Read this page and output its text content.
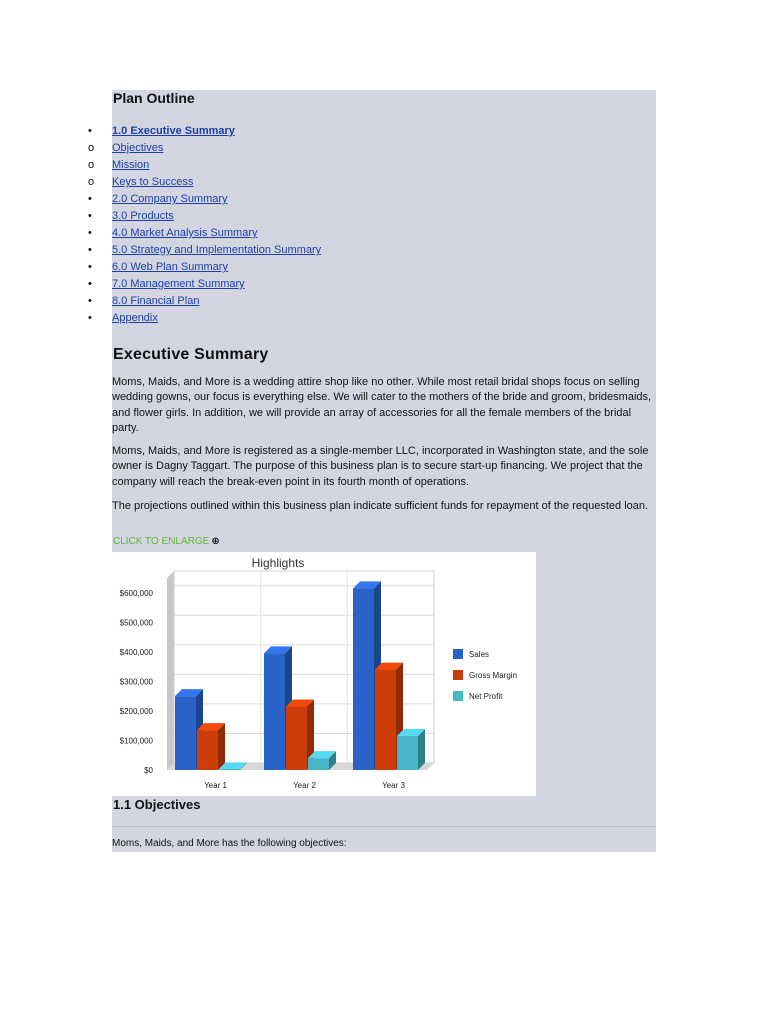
Plan Outline
•	1.0 Executive Summary
o	Objectives
o	Mission
o	Keys to Success
•	2.0 Company Summary
•	3.0 Products
•	4.0 Market Analysis Summary
•	5.0 Strategy and Implementation Summary
•	6.0 Web Plan Summary
•	7.0 Management Summary
•	8.0 Financial Plan
•	Appendix
Executive Summary

Moms, Maids, and More is a wedding attire shop like no other. While most retail bridal shops focus on selling wedding gowns, our focus is everything else. We will cater to the mothers of the bride and groom, bridesmaids, and flower girls. In addition, we will provide an array of accessories for all the female members of the bridal party.

Moms, Maids, and More is registered as a single-member LLC, incorporated in Washington state, and the sole owner is Dagny Taggart. The purpose of this business plan is to secure start-up financing. We project that the company will reach the break-even point in its fourth month of operations.

The projections outlined within this business plan indicate sufficient funds for repayment of the requested loan.

CLICK TO ENLARGE ⊕
Highlights
$0
$100,000
$200,000
$300,000
$400,000
$500,000
$600,000
Year 1	Year 2	Year 3
Sales
Gross Margin
Net Profit
1.1 Objectives
Moms, Maids, and More has the following objectives:
